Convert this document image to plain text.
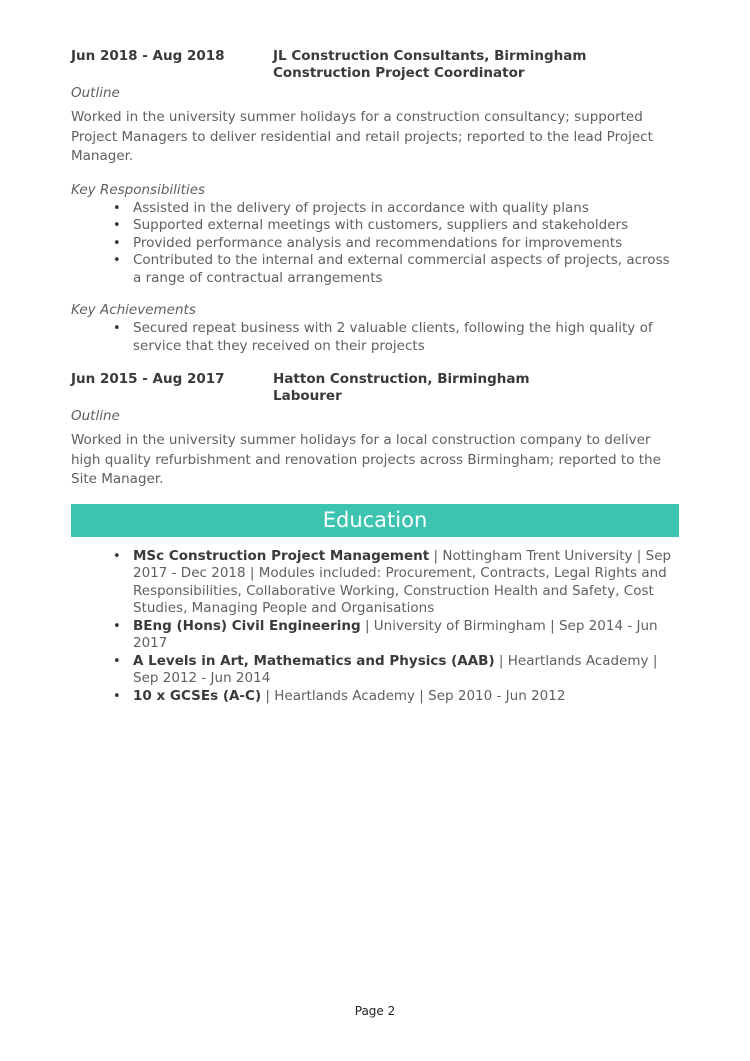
Jun 2018 - Aug 2018	JL Construction Consultants, Birmingham
Construction Project Coordinator
Outline
Worked in the university summer holidays for a construction consultancy; supported Project Managers to deliver residential and retail projects; reported to the lead Project Manager.
Key Responsibilities
• Assisted in the delivery of projects in accordance with quality plans
• Supported external meetings with customers, suppliers and stakeholders
• Provided performance analysis and recommendations for improvements
• Contributed to the internal and external commercial aspects of projects, across a range of contractual arrangements
Key Achievements
• Secured repeat business with 2 valuable clients, following the high quality of service that they received on their projects
Jun 2015 - Aug 2017	Hatton Construction, Birmingham
Labourer
Outline
Worked in the university summer holidays for a local construction company to deliver high quality refurbishment and renovation projects across Birmingham; reported to the Site Manager.
Education
• MSc Construction Project Management | Nottingham Trent University | Sep 2017 - Dec 2018 | Modules included: Procurement, Contracts, Legal Rights and Responsibilities, Collaborative Working, Construction Health and Safety, Cost Studies, Managing People and Organisations
• BEng (Hons) Civil Engineering | University of Birmingham | Sep 2014 - Jun 2017
• A Levels in Art, Mathematics and Physics (AAB) | Heartlands Academy | Sep 2012 - Jun 2014
• 10 x GCSEs (A-C) | Heartlands Academy | Sep 2010 - Jun 2012
Page 2
